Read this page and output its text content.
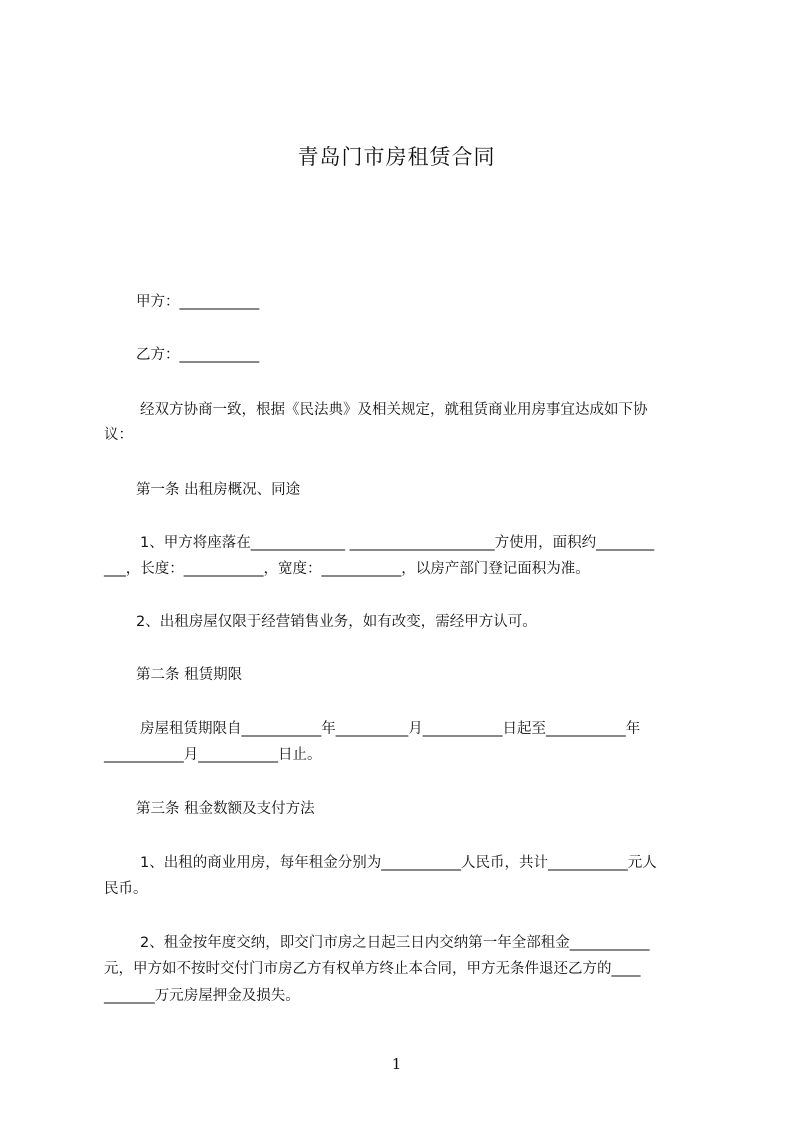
青岛门市房租赁合同
甲方：___________
乙方：___________
经双方协商一致，根据《民法典》及相关规定，就租赁商业用房事宜达成如下协
议：
第一条 出租房概况、同途
1、甲方将座落在_____________ ____________________方使用，面积约________
___，长度：___________，宽度：___________，以房产部门登记面积为准。
2、出租房屋仅限于经营销售业务，如有改变，需经甲方认可。
第二条 租赁期限
房屋租赁期限自___________年__________月___________日起至___________年
___________月___________日止。
第三条 租金数额及支付方法
1、出租的商业用房，每年租金分别为___________人民币，共计___________元人
民币。
2、租金按年度交纳，即交门市房之日起三日内交纳第一年全部租金___________
元，甲方如不按时交付门市房乙方有权单方终止本合同，甲方无条件退还乙方的____
_______万元房屋押金及损失。
1
